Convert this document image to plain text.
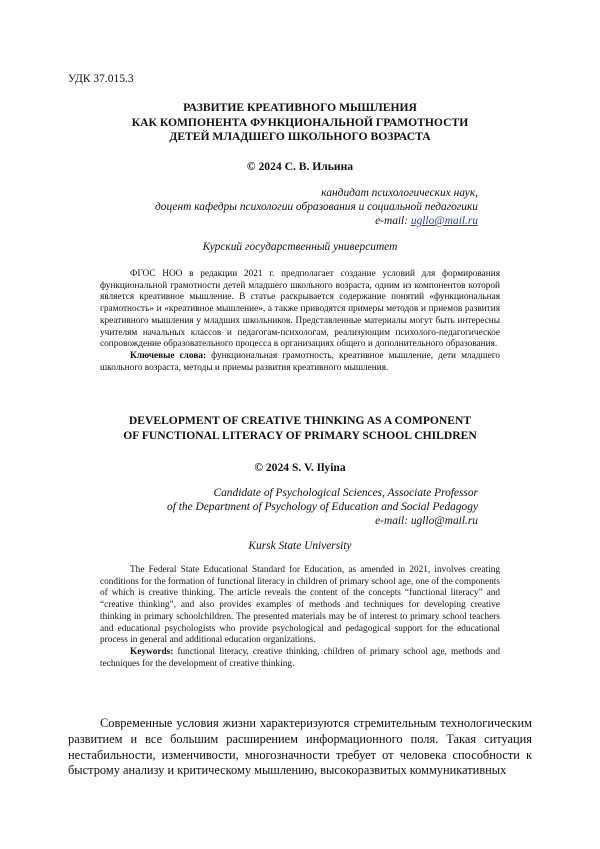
УДК 37.015.3
РАЗВИТИЕ КРЕАТИВНОГО МЫШЛЕНИЯ
КАК КОМПОНЕНТА ФУНКЦИОНАЛЬНОЙ ГРАМОТНОСТИ
ДЕТЕЙ МЛАДШЕГО ШКОЛЬНОГО ВОЗРАСТА
© 2024 С. В. Ильина
кандидат психологических наук,
доцент кафедры психологии образования и социальной педагогики
e-mail: ugllo@mail.ru
Курский государственный университет

ФГОС НОО в редакции 2021 г. предполагает создание условий для формирования функциональной грамотности детей младшего школьного возраста, одним из компонентов которой является креативное мышление. В статье раскрывается содержание понятий «функциональная грамотность» и «креативное мышление», а также приводятся примеры методов и приемов развития креативного мышления у младших школьников. Представленные материалы могут быть интересны учителям начальных классов и педагогам-психологам, реализующим психолого-педагогическое сопровождение образовательного процесса в организациях общего и дополнительного образования.

Ключевые слова: функциональная грамотность, креативное мышление, дети младшего школьного возраста, методы и приемы развития креативного мышления.

DEVELOPMENT OF CREATIVE THINKING AS A COMPONENT
OF FUNCTIONAL LITERACY OF PRIMARY SCHOOL CHILDREN
© 2024 S. V. Ilyina
Candidate of Psychological Sciences, Associate Professor
of the Department of Psychology of Education and Social Pedagogy
e-mail: ugllo@mail.ru
Kursk State University

The Federal State Educational Standard for Education, as amended in 2021, involves creating conditions for the formation of functional literacy in children of primary school age, one of the components of which is creative thinking. The article reveals the content of the concepts “functional literacy” and “creative thinking”, and also provides examples of methods and techniques for developing creative thinking in primary schoolchildren. The presented materials may be of interest to primary school teachers and educational psychologists who provide psychological and pedagogical support for the educational process in general and additional education organizations.

Keywords: functional literacy, creative thinking, children of primary school age, methods and techniques for the development of creative thinking.

Современные условия жизни характеризуются стремительным технологическим развитием и все большим расширением информационного поля. Такая ситуация нестабильности, изменчивости, многозначности требует от человека способности к быстрому анализу и критическому мышлению, высокоразвитых коммуникативных
